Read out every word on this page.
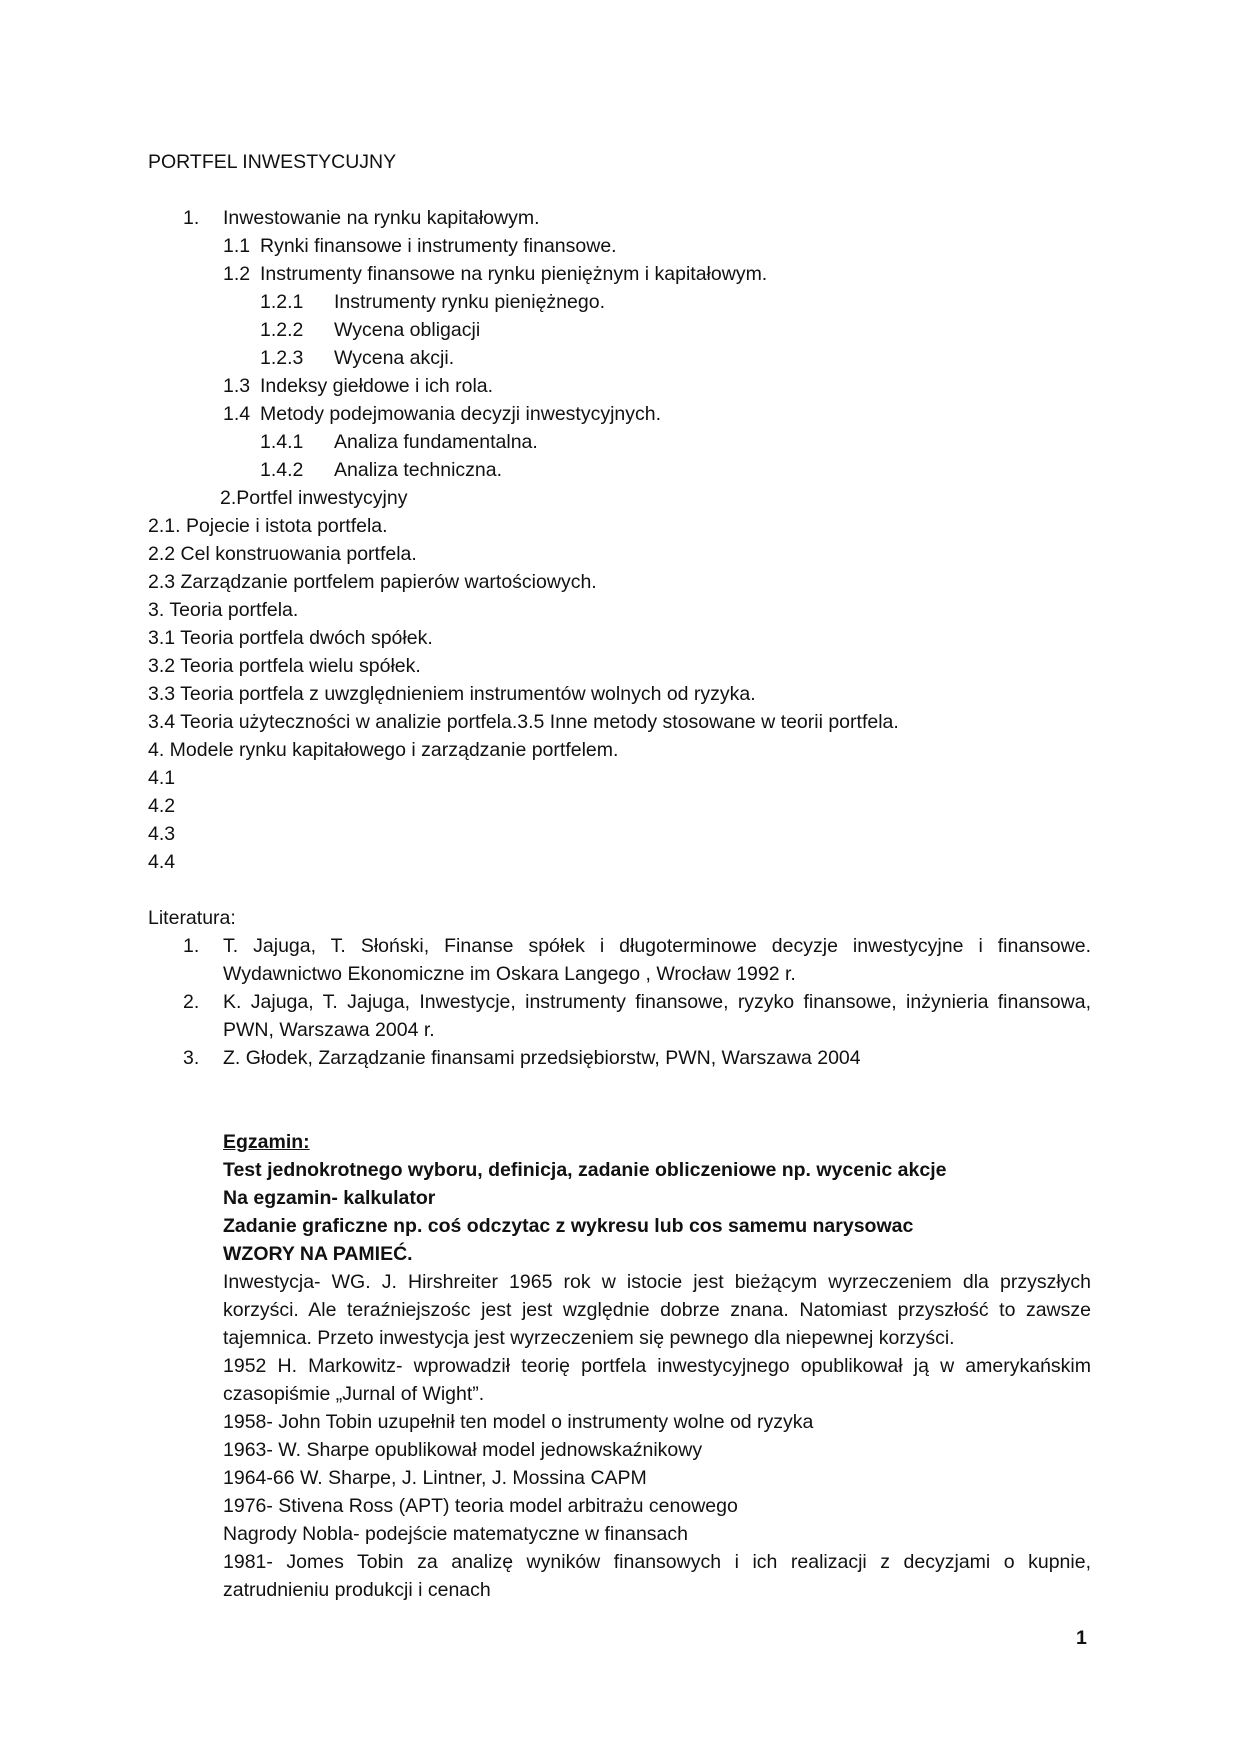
PORTFEL INWESTYCUJNY
1. Inwestowanie na rynku kapitałowym.
1.1 Rynki finansowe i instrumenty finansowe.
1.2 Instrumenty finansowe na rynku pieniężnym i kapitałowym.
1.2.1 Instrumenty rynku pieniężnego.
1.2.2 Wycena obligacji
1.2.3 Wycena akcji.
1.3 Indeksy giełdowe i ich rola.
1.4 Metody podejmowania decyzji inwestycyjnych.
1.4.1 Analiza fundamentalna.
1.4.2 Analiza techniczna.
2.Portfel inwestycyjny
2.1. Pojecie i istota portfela.
2.2 Cel konstruowania portfela.
2.3 Zarządzanie portfelem papierów wartościowych.
3. Teoria portfela.
3.1 Teoria portfela dwóch spółek.
3.2 Teoria portfela wielu spółek.
3.3 Teoria portfela z uwzględnieniem instrumentów wolnych od ryzyka.
3.4 Teoria użyteczności w analizie portfela.3.5 Inne metody stosowane w teorii portfela.
4. Modele rynku kapitałowego i zarządzanie portfelem.
4.1
4.2
4.3
4.4
Literatura:
1. T. Jajuga, T. Słoński, Finanse spółek i długoterminowe decyzje inwestycyjne i finansowe. Wydawnictwo Ekonomiczne im Oskara Langego , Wrocław 1992 r.
2. K. Jajuga, T. Jajuga, Inwestycje, instrumenty finansowe, ryzyko finansowe, inżynieria finansowa, PWN, Warszawa 2004 r.
3. Z. Głodek, Zarządzanie finansami przedsiębiorstw, PWN, Warszawa 2004
Egzamin:
Test jednokrotnego wyboru, definicja, zadanie obliczeniowe np. wycenic akcje
Na egzamin- kalkulator
Zadanie graficzne np. coś odczytac z wykresu lub cos samemu narysowac
WZORY NA PAMIEĆ.
Inwestycja- WG. J. Hirshreiter 1965 rok w istocie jest bieżącym wyrzeczeniem dla przyszłych korzyści. Ale teraźniejszośc jest jest względnie dobrze znana. Natomiast przyszłość to zawsze tajemnica. Przeto inwestycja jest wyrzeczeniem się pewnego dla niepewnej korzyści.
1952 H. Markowitz- wprowadził teorię portfela inwestycyjnego opublikował ją w amerykańskim czasopiśmie „Jurnal of Wight”.
1958- John Tobin uzupełnił ten model o instrumenty wolne od ryzyka
1963- W. Sharpe opublikował model jednowskaźnikowy
1964-66 W. Sharpe, J. Lintner, J. Mossina CAPM
1976- Stivena Ross (APT) teoria model arbitrażu cenowego
Nagrody Nobla- podejście matematyczne w finansach
1981- Jomes Tobin za analizę wyników finansowych i ich realizacji z decyzjami o kupnie, zatrudnieniu produkcji i cenach
1
